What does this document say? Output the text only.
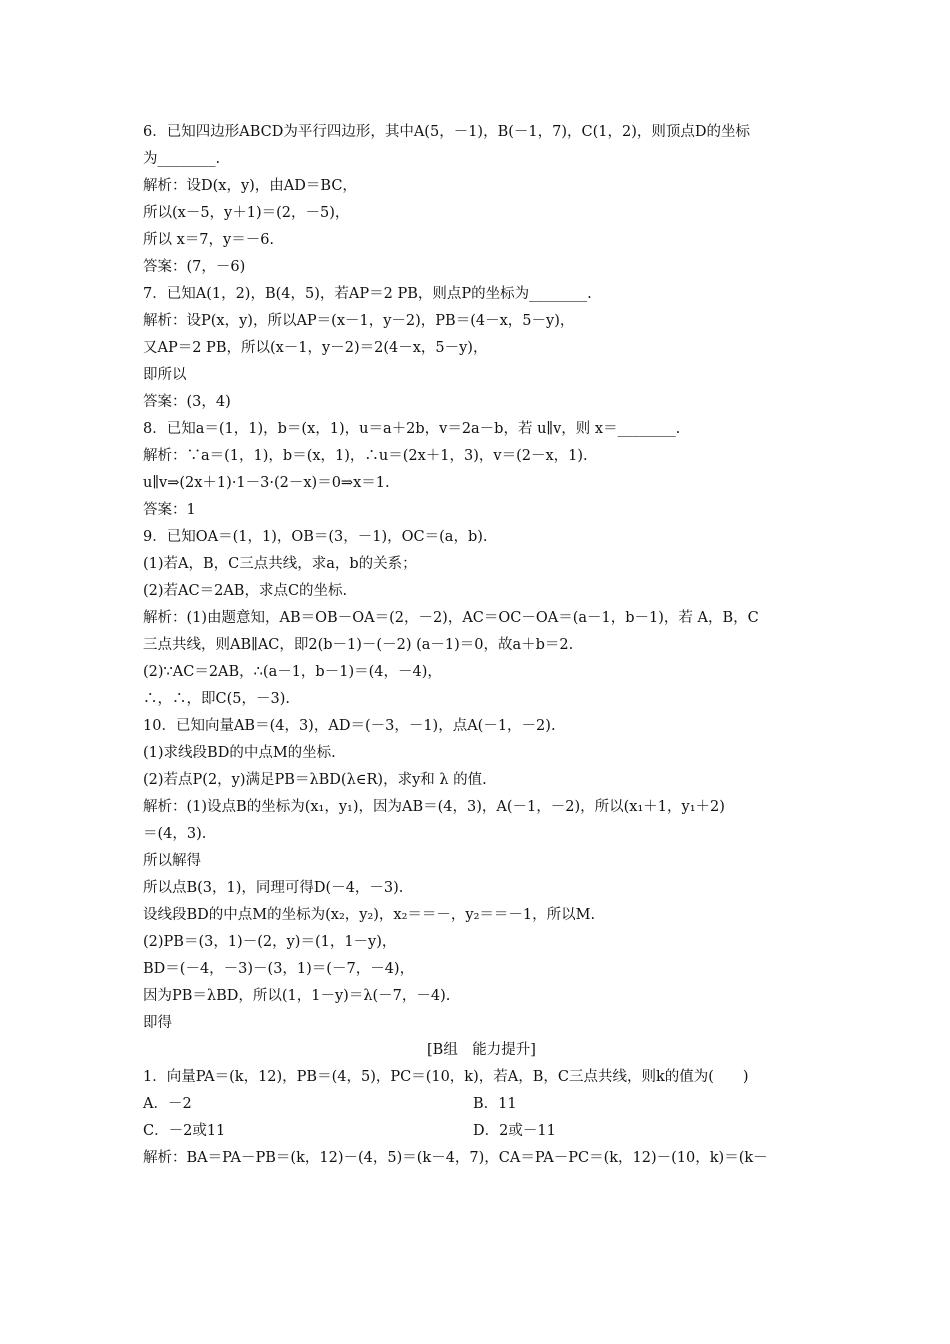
6．已知四边形ABCD为平行四边形，其中A(5，－1)，B(－1，7)，C(1，2)，则顶点D的坐标
为________.
解析：设D(x，y)，由AD＝BC，
所以(x－5，y＋1)＝(2，－5)，
所以 x＝7，y＝－6.
答案：(7，－6)
7．已知A(1，2)，B(4，5)，若AP＝2 PB，则点P的坐标为________.
解析：设P(x，y)，所以AP＝(x－1，y－2)，PB＝(4－x，5－y)，
又AP＝2 PB，所以(x－1，y－2)＝2(4－x，5－y)，
即所以
答案：(3，4)
8．已知a＝(1，1)，b＝(x，1)，u＝a＋2b，v＝2a－b，若 u∥v，则 x＝________.
解析：∵a＝(1，1)，b＝(x，1)，∴u＝(2x＋1，3)，v＝(2－x，1).
u∥v⇒(2x＋1)·1－3·(2－x)＝0⇒x＝1.
答案：1
9．已知OA＝(1，1)，OB＝(3，－1)，OC＝(a，b).
(1)若A，B，C三点共线，求a，b的关系；
(2)若AC＝2AB，求点C的坐标.
解析：(1)由题意知，AB＝OB－OA＝(2，－2)，AC＝OC－OA＝(a－1，b－1)，若 A，B，C
三点共线，则AB∥AC，即2(b－1)－(－2) (a－1)＝0，故a＋b＝2.
(2)∵AC＝2AB，∴(a－1，b－1)＝(4，－4)，
∴，∴，即C(5，－3).
10．已知向量AB＝(4，3)，AD＝(－3，－1)，点A(－1，－2).
(1)求线段BD的中点M的坐标.
(2)若点P(2，y)满足PB＝λBD(λ∈R)，求y和 λ 的值.
解析：(1)设点B的坐标为(x₁，y₁)，因为AB＝(4，3)，A(－1，－2)，所以(x₁＋1，y₁＋2)
＝(4，3).
所以解得
所以点B(3，1)，同理可得D(－4，－3).
设线段BD的中点M的坐标为(x₂，y₂)，x₂＝＝－，y₂＝＝－1，所以M.
(2)PB＝(3，1)－(2，y)＝(1，1－y)，
BD＝(－4，－3)－(3，1)＝(－7，－4)，
因为PB＝λBD，所以(1，1－y)＝λ(－7，－4).
即得
[B组　能力提升]
1．向量PA＝(k，12)，PB＝(4，5)，PC＝(10，k)，若A，B，C三点共线，则k的值为(　　)
A．－2	B．11
C．－2或11	D．2或－11
解析：BA＝PA－PB＝(k，12)－(4，5)＝(k－4，7)，CA＝PA－PC＝(k，12)－(10，k)＝(k－
